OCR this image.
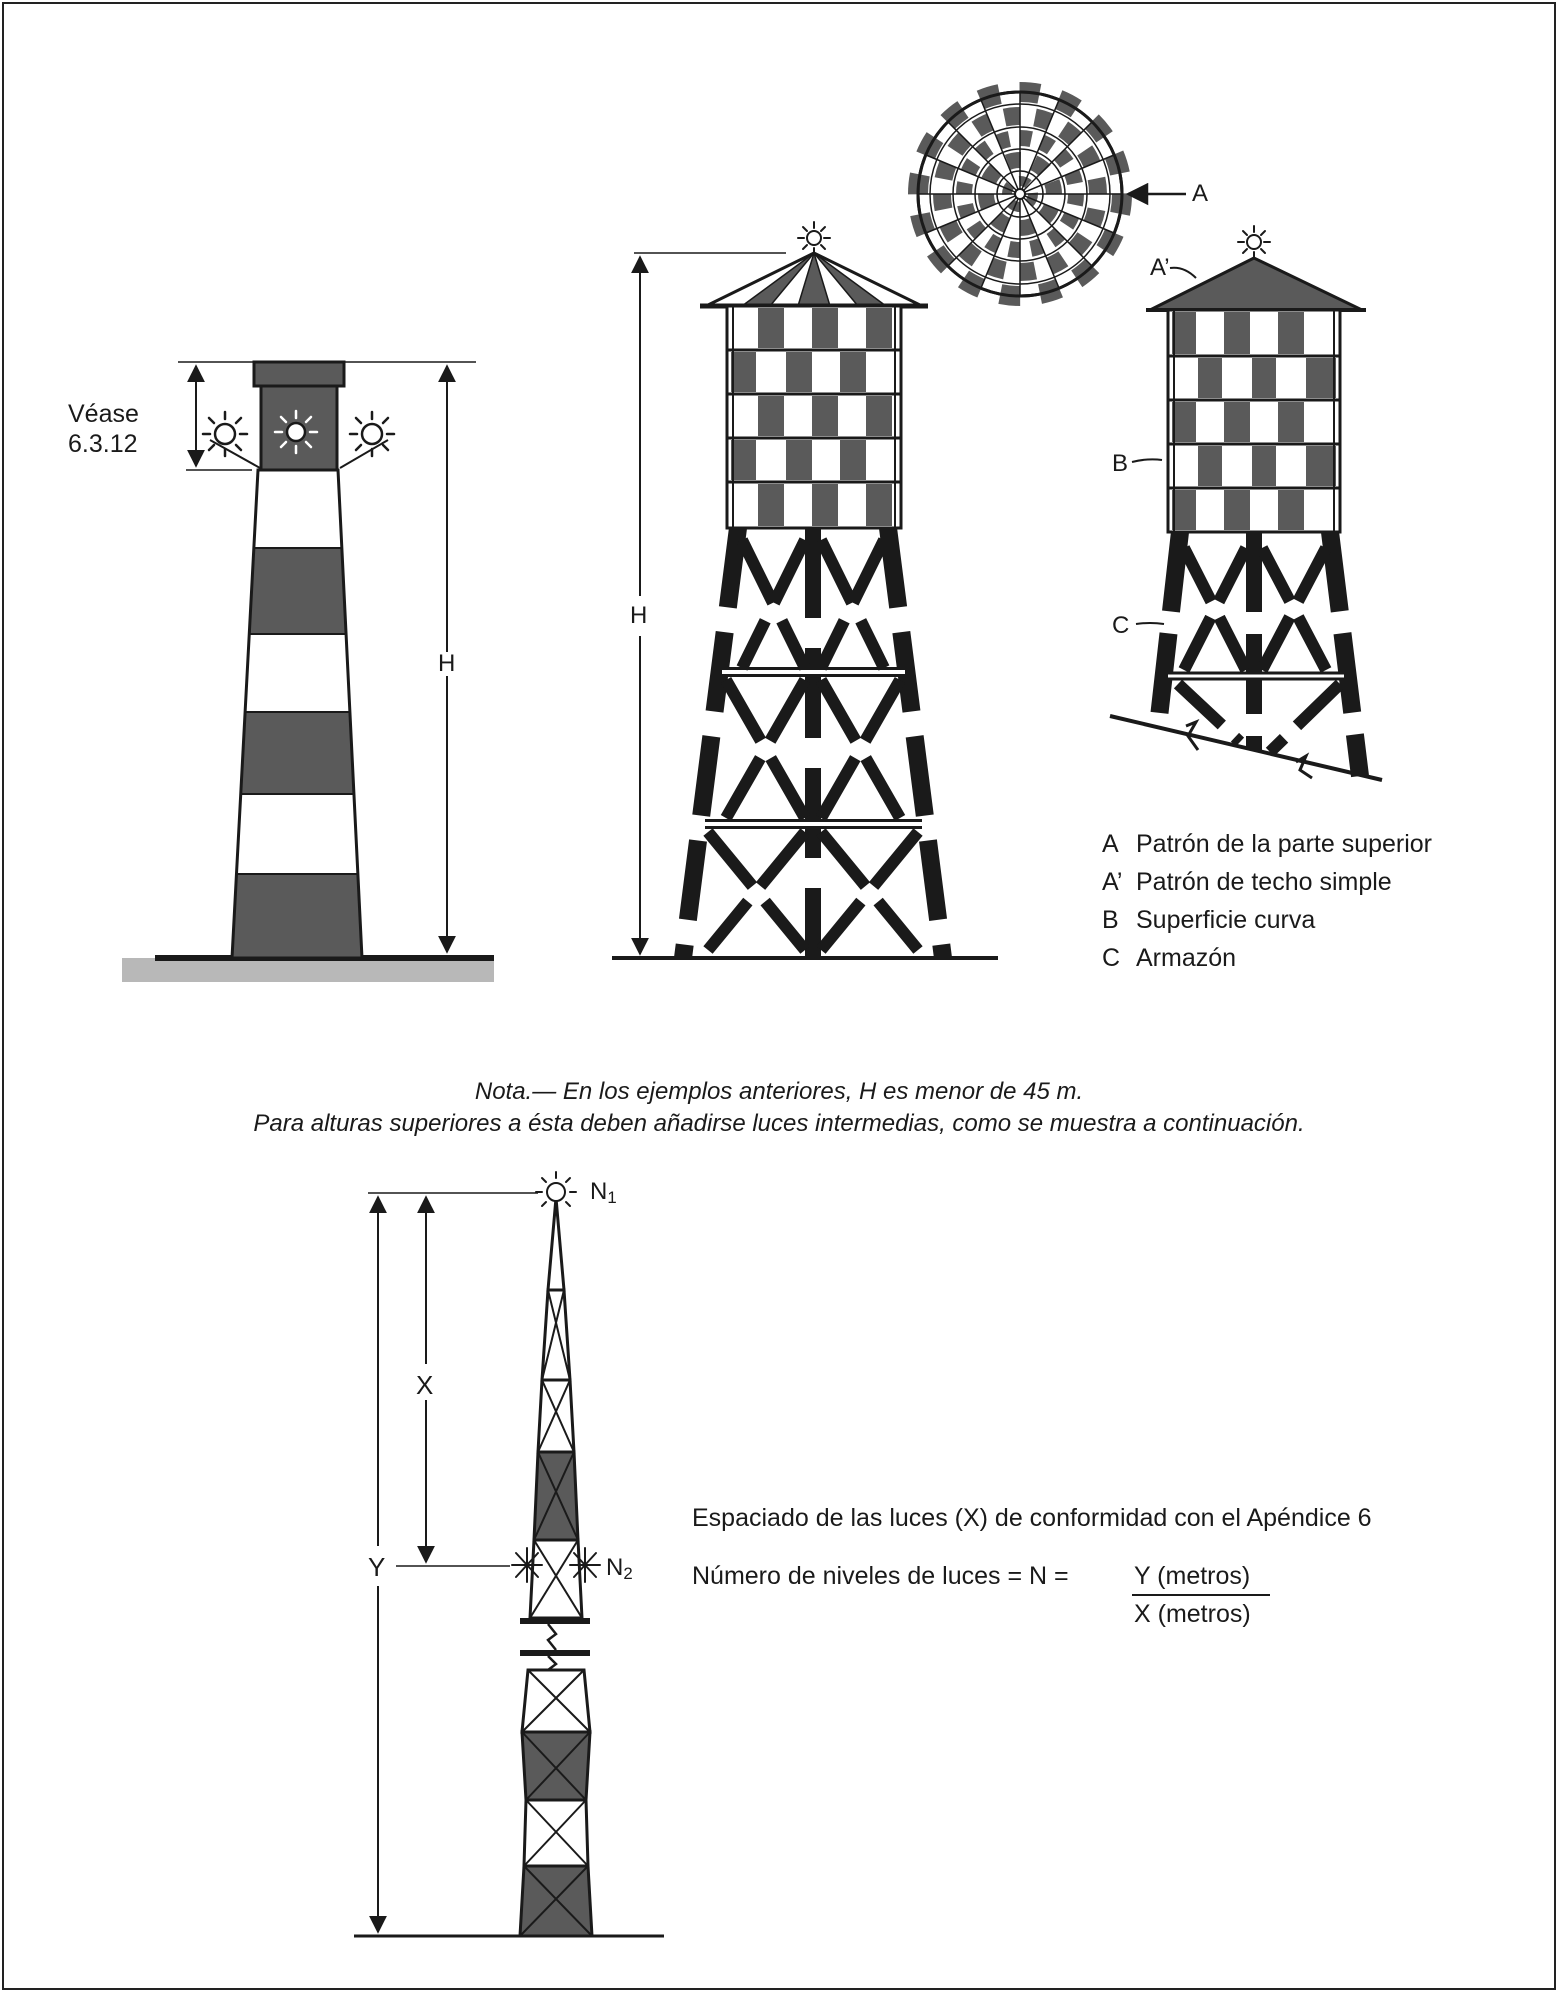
Véase
6.3.12
H
H
A
A’
B
C
A Patrón de la parte superior
A’ Patrón de techo simple
B Superficie curva
C Armazón
Nota.— En los ejemplos anteriores, H es menor de 45 m.
Para alturas superiores a ésta deben añadirse luces intermedias, como se muestra a continuación.
$N_1$
$N_2$
X
Y
Espaciado de las luces (X) de conformidad con el Apéndice 6
Número de niveles de luces = N =	Y (metros)
X (metros)
